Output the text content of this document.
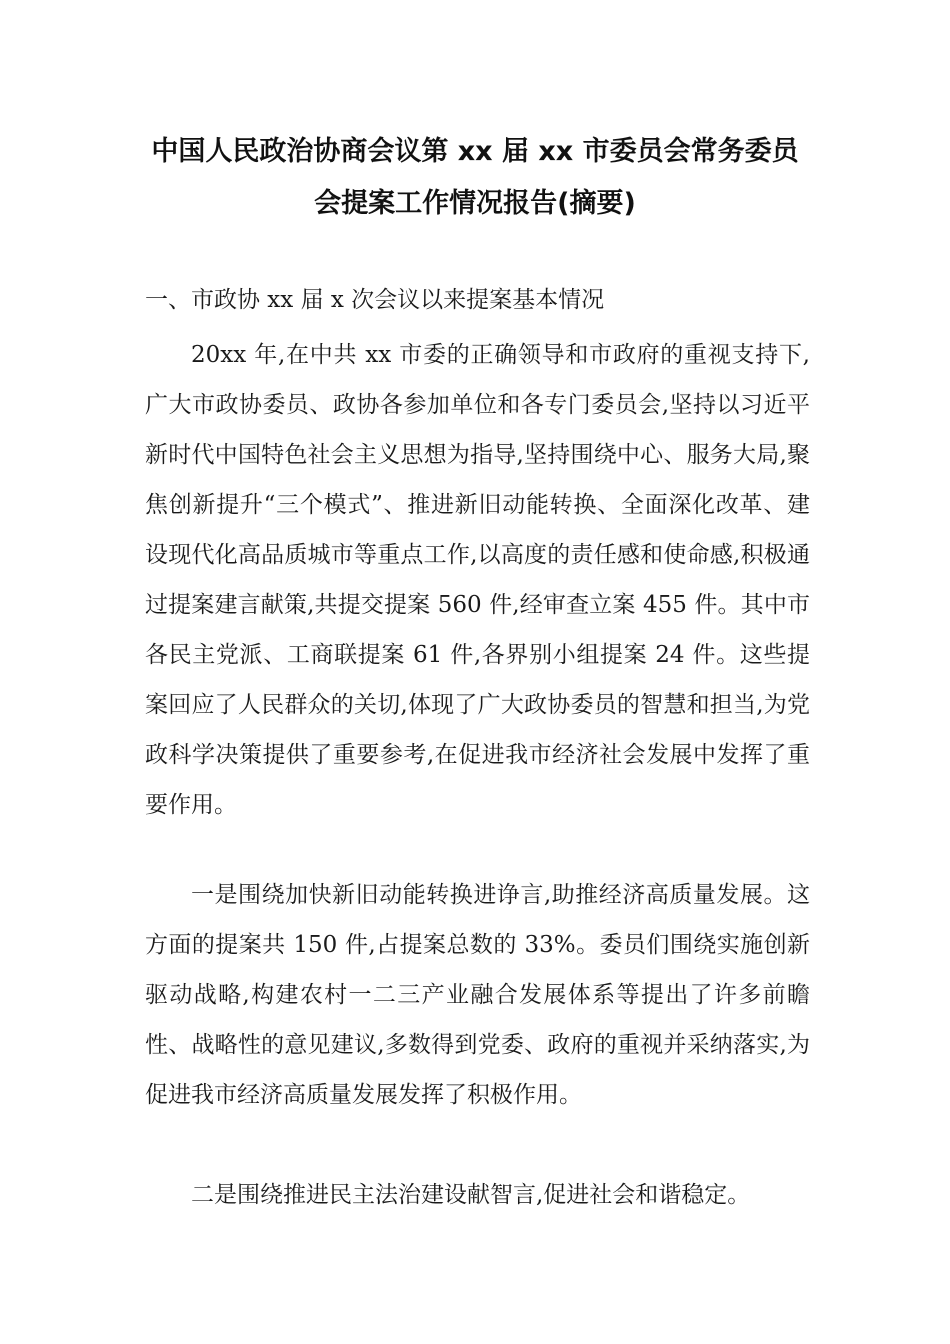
中国人民政治协商会议第 xx 届 xx 市委员会常务委员
会提案工作情况报告(摘要)

一、市政协 xx 届 x 次会议以来提案基本情况

20xx 年,在中共 xx 市委的正确领导和市政府的重视支持下,广大市政协委员、政协各参加单位和各专门委员会,坚持以习近平新时代中国特色社会主义思想为指导,坚持围绕中心、服务大局,聚焦创新提升“三个模式”、推进新旧动能转换、全面深化改革、建设现代化高品质城市等重点工作,以高度的责任感和使命感,积极通过提案建言献策,共提交提案 560 件,经审查立案 455 件。其中市各民主党派、工商联提案 61 件,各界别小组提案 24 件。这些提案回应了人民群众的关切,体现了广大政协委员的智慧和担当,为党政科学决策提供了重要参考,在促进我市经济社会发展中发挥了重要作用。

一是围绕加快新旧动能转换进诤言,助推经济高质量发展。这方面的提案共 150 件,占提案总数的 33%。委员们围绕实施创新驱动战略,构建农村一二三产业融合发展体系等提出了许多前瞻性、战略性的意见建议,多数得到党委、政府的重视并采纳落实,为促进我市经济高质量发展发挥了积极作用。

二是围绕推进民主法治建设献智言,促进社会和谐稳定。
